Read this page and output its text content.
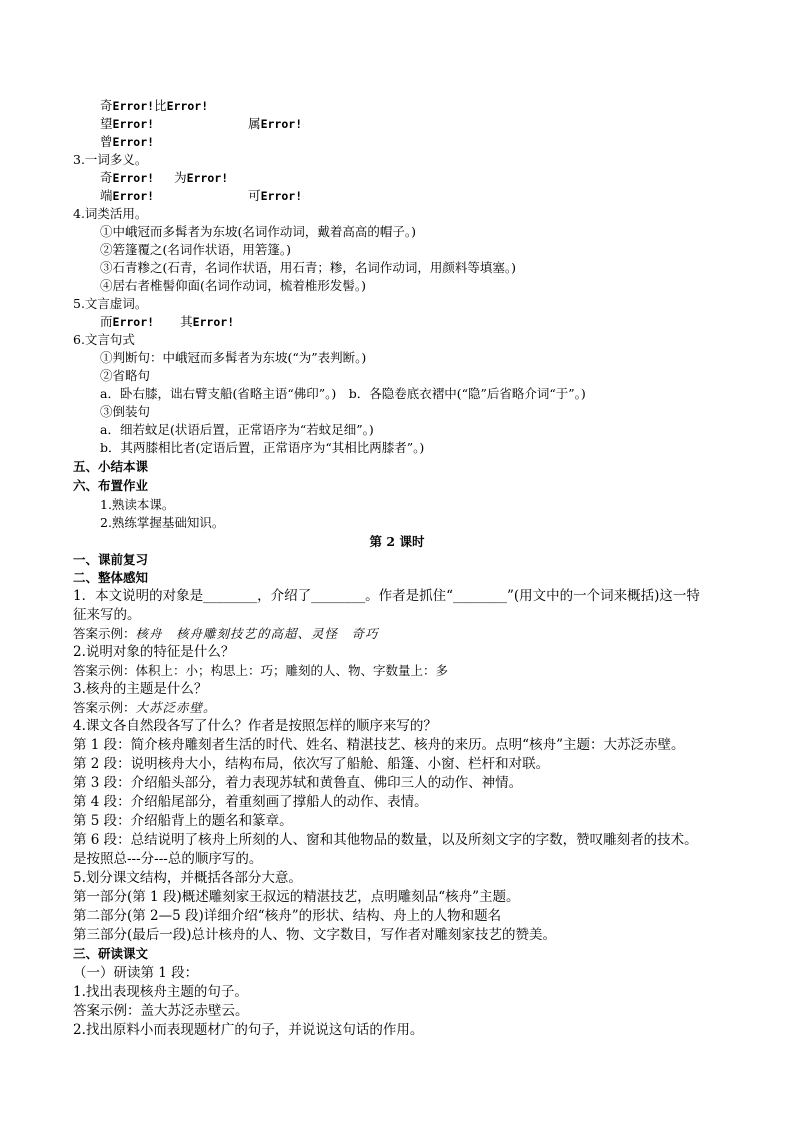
奇Error!比Error!
望Error!	属Error!
曾Error!
3.一词多义。
奇Error! 为Error!
端Error!	可Error!
4.词类活用。
①中峨冠而多髯者为东坡(名词作动词，戴着高高的帽子。)
②箬篷覆之(名词作状语，用箬篷。)
③石青糁之(石青，名词作状语，用石青；糁，名词作动词，用颜料等填塞。)
④居右者椎髻仰面(名词作动词，梳着椎形发髻。)
5.文言虚词。
而Error! 其Error!
6.文言句式
①判断句：中峨冠而多髯者为东坡(“为”表判断。)
②省略句
a．卧右膝，诎右臂支船(省略主语“佛印”。)　b．各隐卷底衣褶中(“隐”后省略介词“于”。)
③倒装句
a．细若蚊足(状语后置，正常语序为“若蚊足细”。)
b．其两膝相比者(定语后置，正常语序为“其相比两膝者”。)
五、小结本课
六、布置作业
1.熟读本课。
2.熟练掌握基础知识。
第 2 课时
一、课前复习
二、整体感知
1．本文说明的对象是________，介绍了________。作者是抓住“________”(用文中的一个词来概括)这一特
征来写的。
答案示例：核舟　核舟雕刻技艺的高超、灵怪　奇巧
2.说明对象的特征是什么？
答案示例：体积上：小；构思上：巧；雕刻的人、物、字数量上：多
3.核舟的主题是什么？
答案示例：大苏泛赤壁。
4.课文各自然段各写了什么？作者是按照怎样的顺序来写的？
第 1 段：简介核舟雕刻者生活的时代、姓名、精湛技艺、核舟的来历。点明“核舟”主题：大苏泛赤壁。
第 2 段：说明核舟大小，结构布局，依次写了船舱、船篷、小窗、栏杆和对联。
第 3 段：介绍船头部分，着力表现苏轼和黄鲁直、佛印三人的动作、神情。
第 4 段：介绍船尾部分，着重刻画了撑船人的动作、表情。
第 5 段：介绍船背上的题名和篆章。
第 6 段：总结说明了核舟上所刻的人、窗和其他物品的数量，以及所刻文字的字数，赞叹雕刻者的技术。
是按照总---分---总的顺序写的。
5.划分课文结构，并概括各部分大意。
第一部分(第 1 段)概述雕刻家王叔远的精湛技艺，点明雕刻品“核舟”主题。
第二部分(第 2—5 段)详细介绍“核舟”的形状、结构、舟上的人物和题名
第三部分(最后一段)总计核舟的人、物、文字数目，写作者对雕刻家技艺的赞美。
三、研读课文
（一）研读第 1 段：
1.找出表现核舟主题的句子。
答案示例：盖大苏泛赤壁云。
2.找出原料小而表现题材广的句子，并说说这句话的作用。
